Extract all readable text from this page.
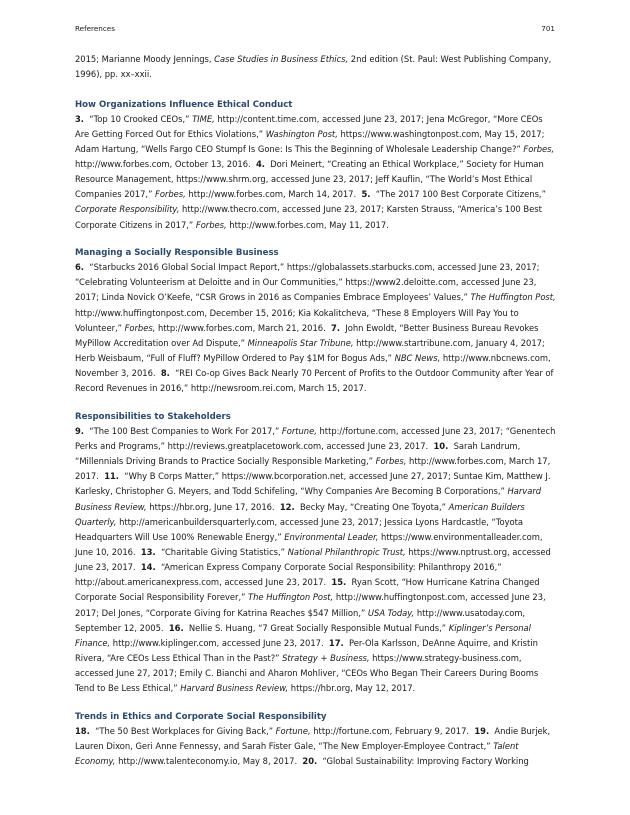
References	701

2015; Marianne Moody Jennings, Case Studies in Business Ethics, 2nd edition (St. Paul: West Publishing Company, 1996), pp. xx–xxii.

How Organizations Influence Ethical Conduct

3. “Top 10 Crooked CEOs,” TIME, http://content.time.com, accessed June 23, 2017; Jena McGregor, “More CEOs Are Getting Forced Out for Ethics Violations,” Washington Post, https://www.washingtonpost.com, May 15, 2017; Adam Hartung, “Wells Fargo CEO Stumpf Is Gone: Is This the Beginning of Wholesale Leadership Change?” Forbes, http://www.forbes.com, October 13, 2016. 4. Dori Meinert, “Creating an Ethical Workplace,” Society for Human Resource Management, https://www.shrm.org, accessed June 23, 2017; Jeff Kauflin, “The World’s Most Ethical Companies 2017,” Forbes, http://www.forbes.com, March 14, 2017. 5. “The 2017 100 Best Corporate Citizens,” Corporate Responsibility, http://www.thecro.com, accessed June 23, 2017; Karsten Strauss, “America’s 100 Best Corporate Citizens in 2017,” Forbes, http://www.forbes.com, May 11, 2017.

Managing a Socially Responsible Business

6. “Starbucks 2016 Global Social Impact Report,” https://globalassets.starbucks.com, accessed June 23, 2017; “Celebrating Volunteerism at Deloitte and in Our Communities,” https://www2.deloitte.com, accessed June 23, 2017; Linda Novick O’Keefe, “CSR Grows in 2016 as Companies Embrace Employees’ Values,” The Huffington Post, http://www.huffingtonpost.com, December 15, 2016; Kia Kokalitcheva, “These 8 Employers Will Pay You to Volunteer,” Forbes, http://www.forbes.com, March 21, 2016. 7. John Ewoldt, “Better Business Bureau Revokes MyPillow Accreditation over Ad Dispute,” Minneapolis Star Tribune, http://www.startribune.com, January 4, 2017; Herb Weisbaum, “Full of Fluff? MyPillow Ordered to Pay $1M for Bogus Ads,” NBC News, http://www.nbcnews.com, November 3, 2016. 8. “REI Co-op Gives Back Nearly 70 Percent of Profits to the Outdoor Community after Year of Record Revenues in 2016,” http://newsroom.rei.com, March 15, 2017.

Responsibilities to Stakeholders

9. “The 100 Best Companies to Work For 2017,” Fortune, http://fortune.com, accessed June 23, 2017; “Genentech Perks and Programs,” http://reviews.greatplacetowork.com, accessed June 23, 2017. 10. Sarah Landrum, “Millennials Driving Brands to Practice Socially Responsible Marketing,” Forbes, http://www.forbes.com, March 17, 2017. 11. “Why B Corps Matter,” https://www.bcorporation.net, accessed June 27, 2017; Suntae Kim, Matthew J. Karlesky, Christopher G. Meyers, and Todd Schifeling, “Why Companies Are Becoming B Corporations,” Harvard Business Review, https://hbr.org, June 17, 2016. 12. Becky May, “Creating One Toyota,” American Builders Quarterly, http://americanbuildersquarterly.com, accessed June 23, 2017; Jessica Lyons Hardcastle, “Toyota Headquarters Will Use 100% Renewable Energy,” Environmental Leader, https://www.environmentalleader.com, June 10, 2016. 13. “Charitable Giving Statistics,” National Philanthropic Trust, https://www.nptrust.org, accessed June 23, 2017. 14. “American Express Company Corporate Social Responsibility: Philanthropy 2016,” http://about.americanexpress.com, accessed June 23, 2017. 15. Ryan Scott, “How Hurricane Katrina Changed Corporate Social Responsibility Forever,” The Huffington Post, http://www.huffingtonpost.com, accessed June 23, 2017; Del Jones, “Corporate Giving for Katrina Reaches $547 Million,” USA Today, http://www.usatoday.com, September 12, 2005. 16. Nellie S. Huang, “7 Great Socially Responsible Mutual Funds,” Kiplinger’s Personal Finance, http://www.kiplinger.com, accessed June 23, 2017. 17. Per-Ola Karlsson, DeAnne Aquirre, and Kristin Rivera, “Are CEOs Less Ethical Than in the Past?” Strategy + Business, https://www.strategy-business.com, accessed June 27, 2017; Emily C. Bianchi and Aharon Mohliver, “CEOs Who Began Their Careers During Booms Tend to Be Less Ethical,” Harvard Business Review, https://hbr.org, May 12, 2017.

Trends in Ethics and Corporate Social Responsibility

18. “The 50 Best Workplaces for Giving Back,” Fortune, http://fortune.com, February 9, 2017. 19. Andie Burjek, Lauren Dixon, Geri Anne Fennessy, and Sarah Fister Gale, “The New Employer-Employee Contract,” Talent Economy, http://www.talenteconomy.io, May 8, 2017. 20. “Global Sustainability: Improving Factory Working
